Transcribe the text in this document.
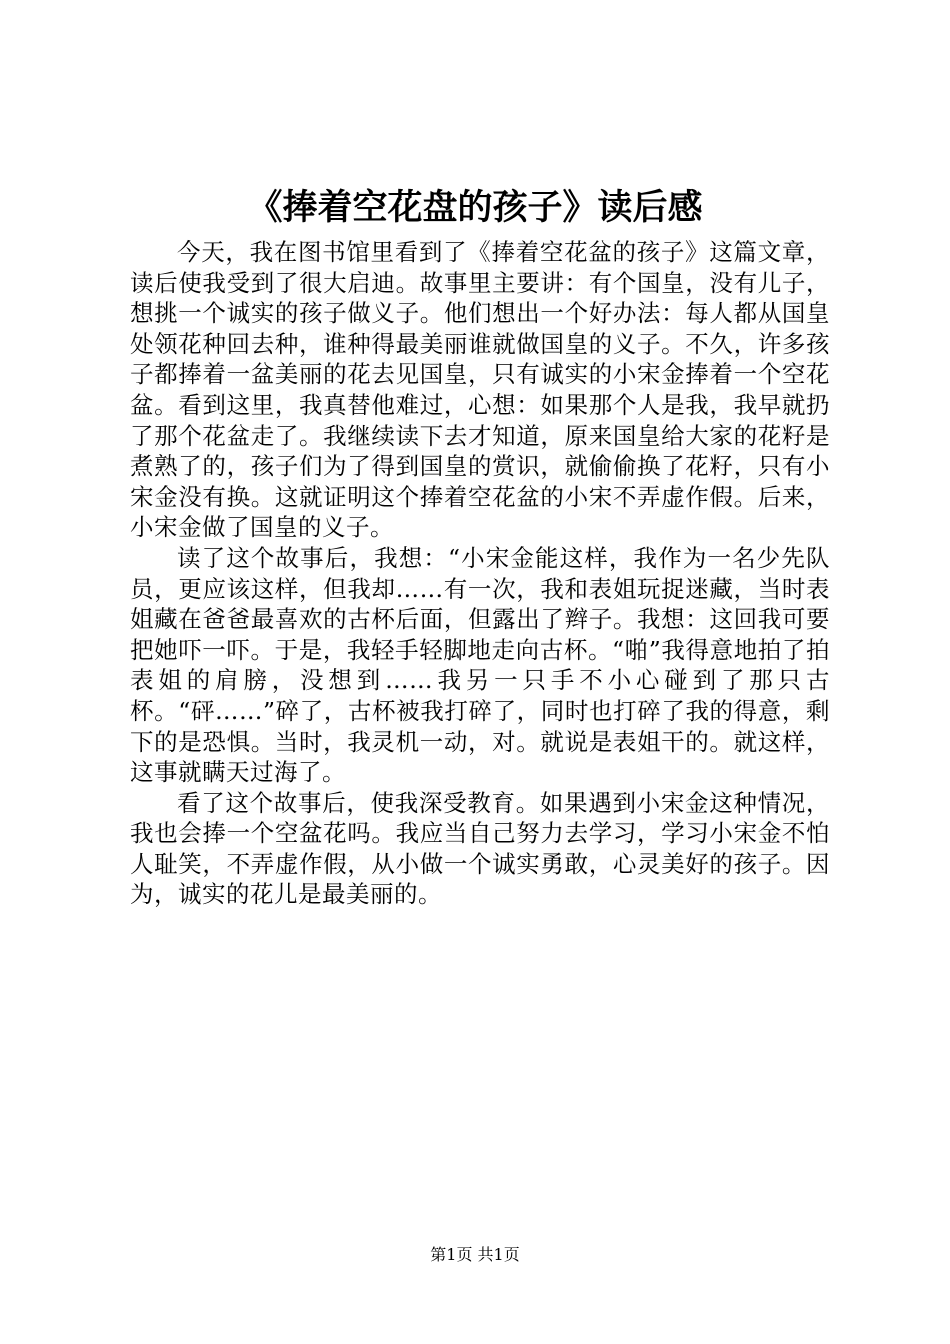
《捧着空花盘的孩子》读后感

今天，我在图书馆里看到了《捧着空花盆的孩子》这篇文章，读后使我受到了很大启迪。故事里主要讲：有个国皇，没有儿子，想挑一个诚实的孩子做义子。他们想出一个好办法：每人都从国皇处领花种回去种，谁种得最美丽谁就做国皇的义子。不久，许多孩子都捧着一盆美丽的花去见国皇，只有诚实的小宋金捧着一个空花盆。看到这里，我真替他难过，心想：如果那个人是我，我早就扔了那个花盆走了。我继续读下去才知道，原来国皇给大家的花籽是煮熟了的，孩子们为了得到国皇的赏识，就偷偷换了花籽，只有小宋金没有换。这就证明这个捧着空花盆的小宋不弄虚作假。后来，小宋金做了国皇的义子。

读了这个故事后，我想：“小宋金能这样，我作为一名少先队员，更应该这样，但我却……有一次，我和表姐玩捉迷藏，当时表姐藏在爸爸最喜欢的古杯后面，但露出了辫子。我想：这回我可要把她吓一吓。于是，我轻手轻脚地走向古杯。“啪”我得意地拍了拍表姐的肩膀，没想到……我另一只手不小心碰到了那只古杯。“砰……”碎了，古杯被我打碎了，同时也打碎了我的得意，剩下的是恐惧。当时，我灵机一动，对。就说是表姐干的。就这样，这事就瞒天过海了。

看了这个故事后，使我深受教育。如果遇到小宋金这种情况，我也会捧一个空盆花吗。我应当自己努力去学习，学习小宋金不怕人耻笑，不弄虚作假，从小做一个诚实勇敢，心灵美好的孩子。因为，诚实的花儿是最美丽的。

第1页 共1页
